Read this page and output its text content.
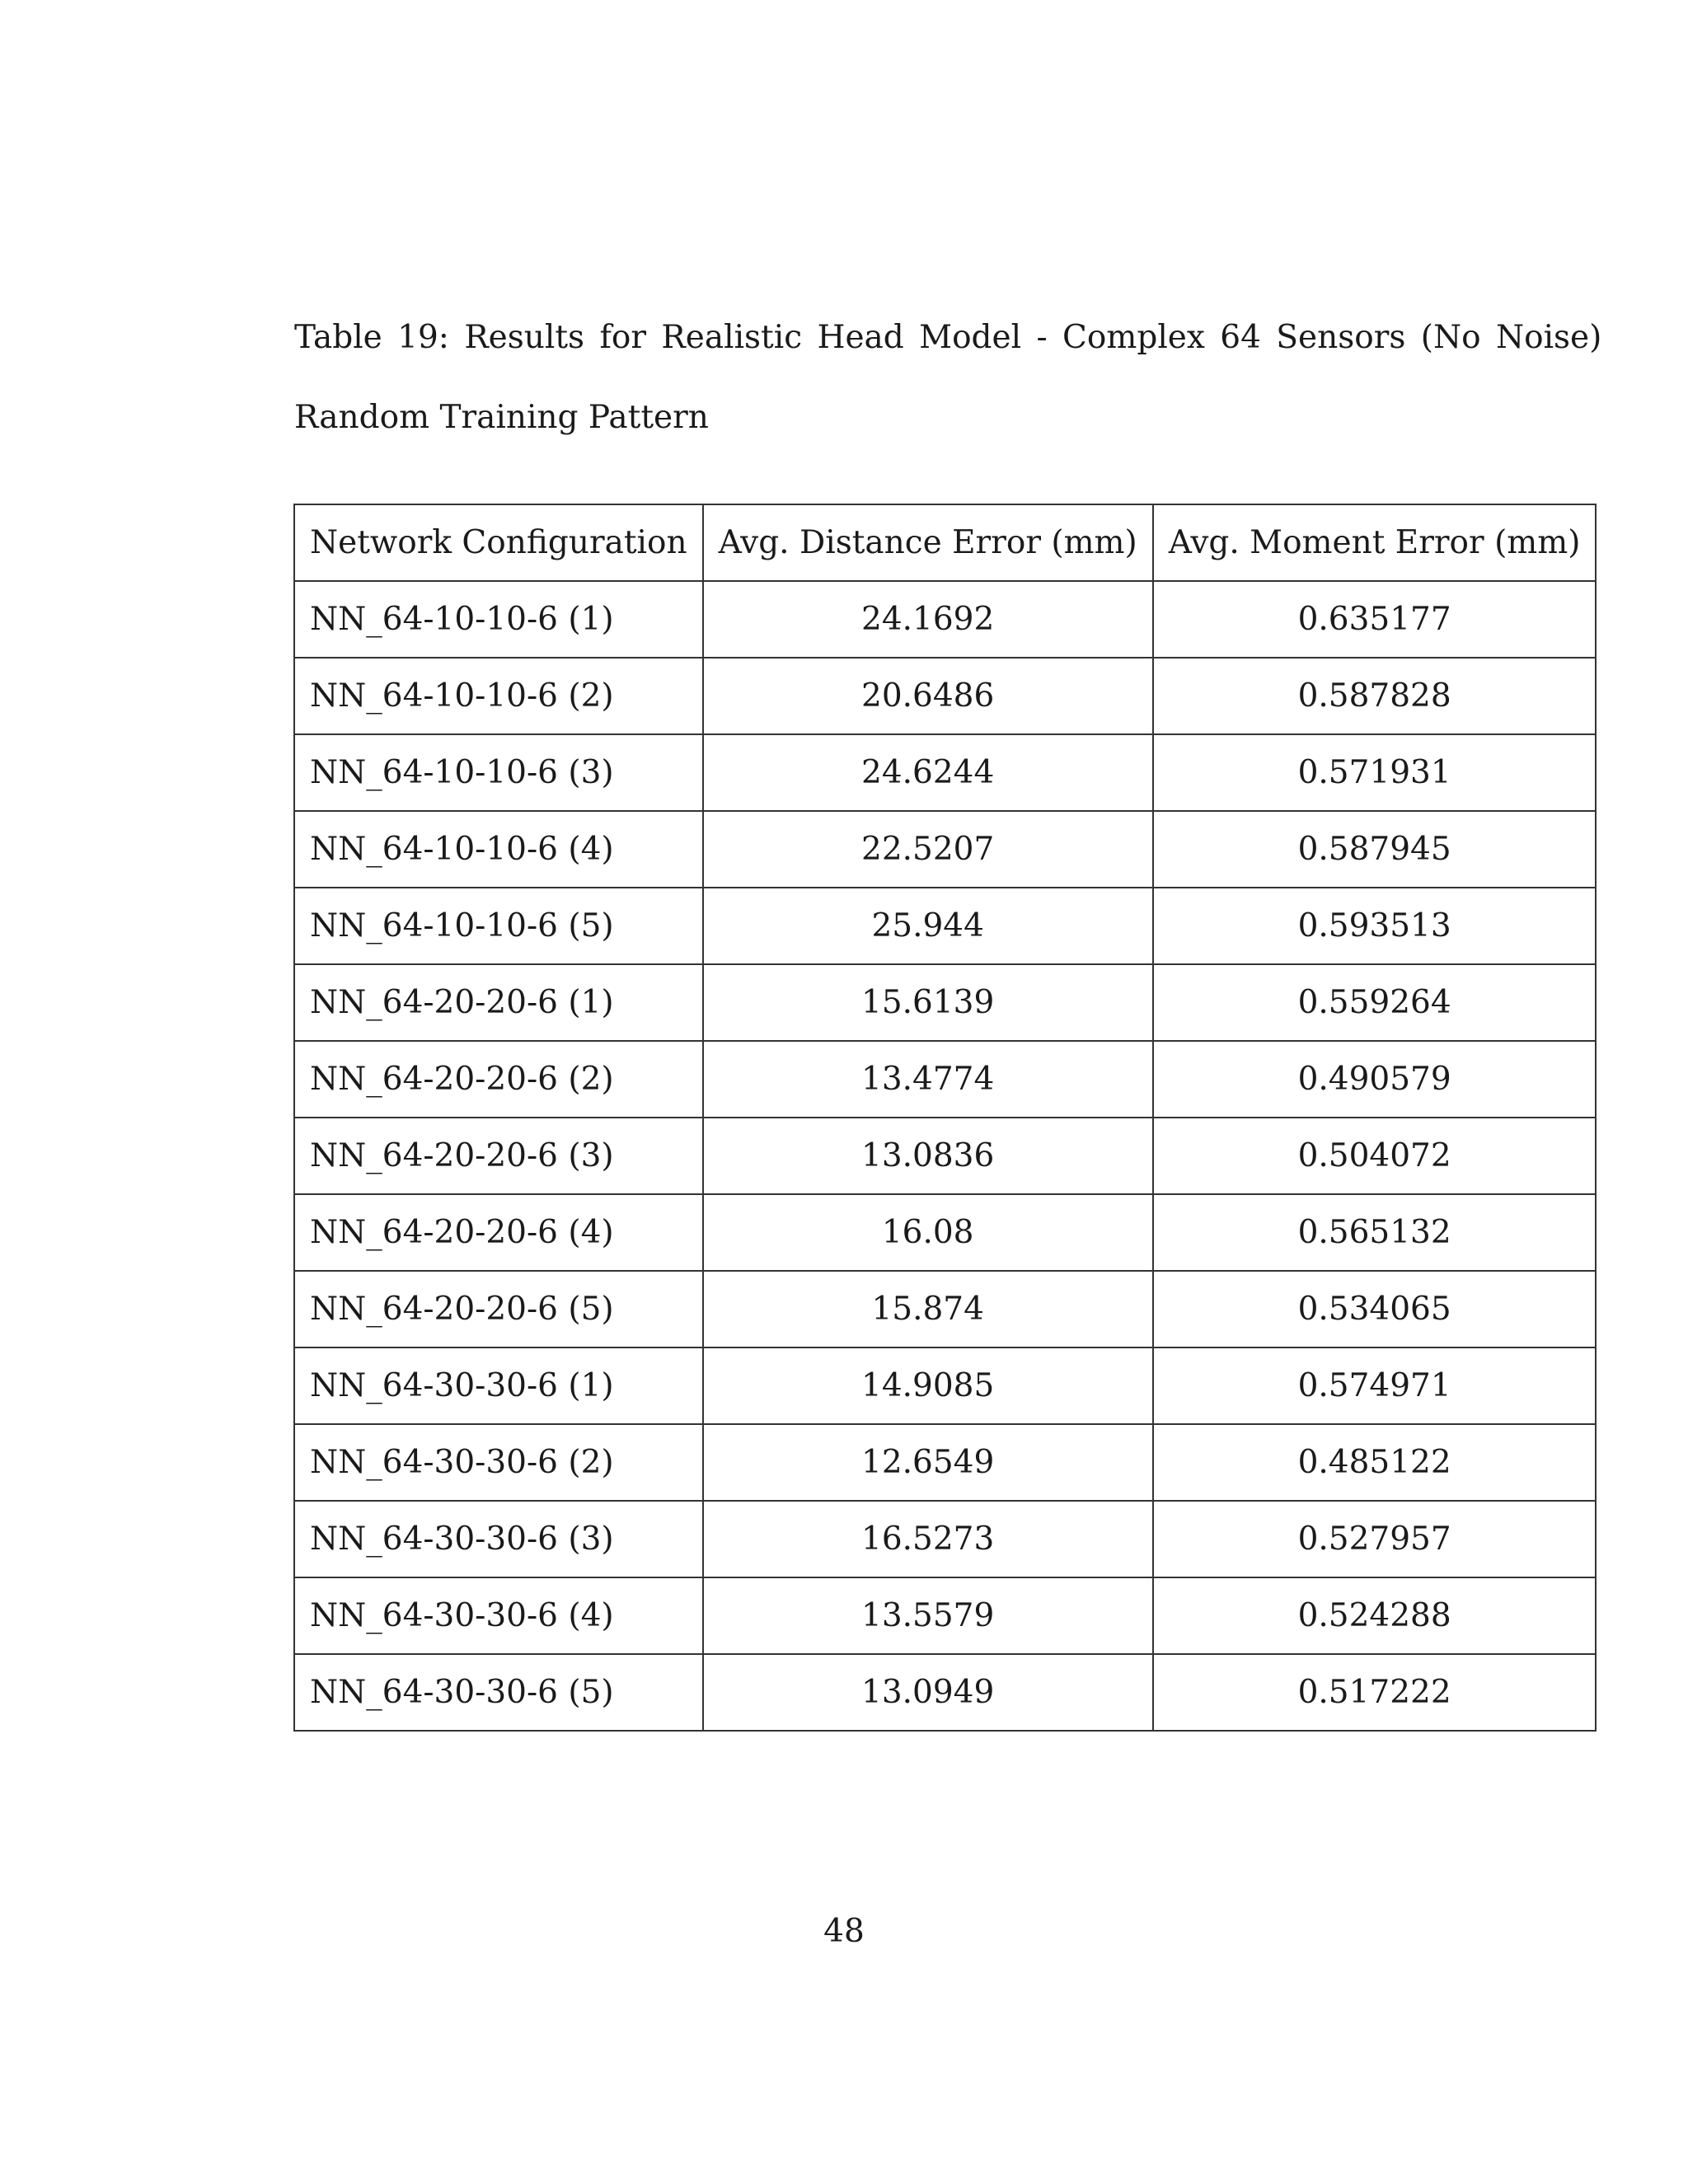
Table 19: Results for Realistic Head Model - Complex 64 Sensors (No Noise)
Random Training Pattern
Network Configuration	Avg. Distance Error (mm)	Avg. Moment Error (mm)
NN_64-10-10-6 (1)	24.1692	0.635177
NN_64-10-10-6 (2)	20.6486	0.587828
NN_64-10-10-6 (3)	24.6244	0.571931
NN_64-10-10-6 (4)	22.5207	0.587945
NN_64-10-10-6 (5)	25.944	0.593513
NN_64-20-20-6 (1)	15.6139	0.559264
NN_64-20-20-6 (2)	13.4774	0.490579
NN_64-20-20-6 (3)	13.0836	0.504072
NN_64-20-20-6 (4)	16.08	0.565132
NN_64-20-20-6 (5)	15.874	0.534065
NN_64-30-30-6 (1)	14.9085	0.574971
NN_64-30-30-6 (2)	12.6549	0.485122
NN_64-30-30-6 (3)	16.5273	0.527957
NN_64-30-30-6 (4)	13.5579	0.524288
NN_64-30-30-6 (5)	13.0949	0.517222
48
